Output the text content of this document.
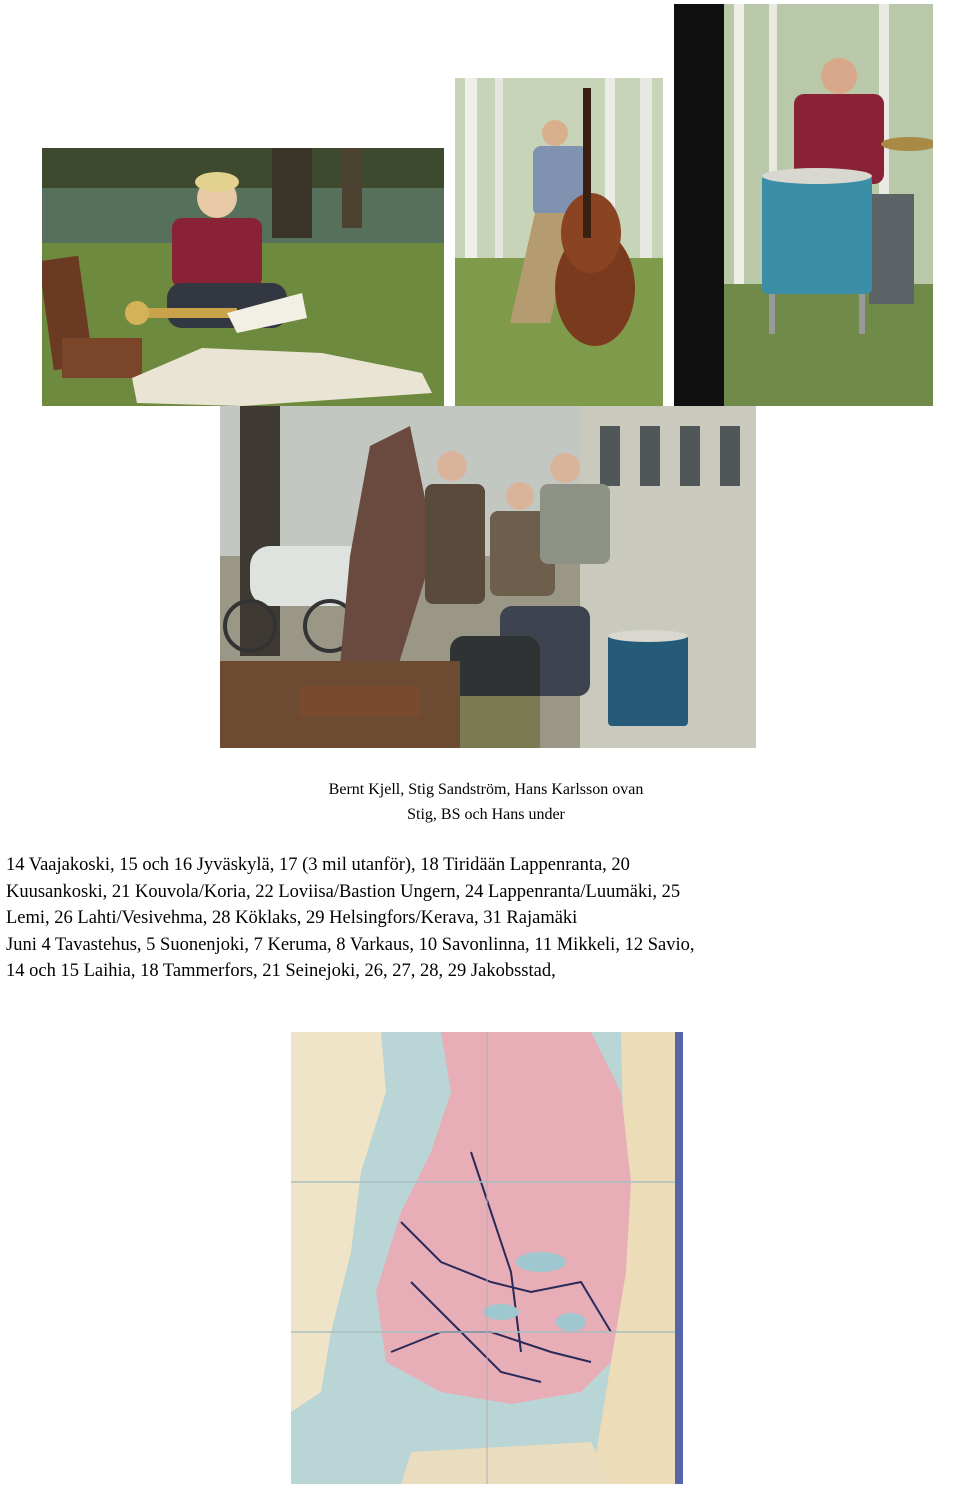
Bernt Kjell, Stig Sandström, Hans Karlsson ovan
Stig, BS och Hans under
14 Vaajakoski, 15 och 16 Jyväskylä, 17 (3 mil utanför), 18 Tiridään Lappenranta, 20
Kuusankoski, 21 Kouvola/Koria, 22 Loviisa/Bastion Ungern, 24 Lappenranta/Luumäki, 25
Lemi, 26 Lahti/Vesivehma, 28 Köklaks, 29 Helsingfors/Kerava, 31 Rajamäki
Juni 4 Tavastehus, 5 Suonenjoki, 7 Keruma, 8 Varkaus, 10 Savonlinna, 11 Mikkeli, 12 Savio,
14 och 15 Laihia, 18 Tammerfors, 21 Seinejoki, 26, 27, 28, 29 Jakobsstad,
